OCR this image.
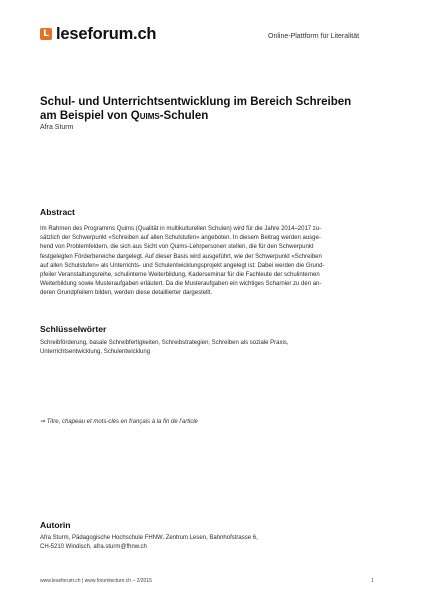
L leseforum.ch	Online-Plattform für Literalität
Schul- und Unterrichtsentwicklung im Bereich Schreiben
am Beispiel von Quims-Schulen
Afra Sturm
Abstract
Im Rahmen des Programms Quims (Qualität in multikulturellen Schulen) wird für die Jahre 2014–2017 zu-
sätzlich der Schwerpunkt «Schreiben auf allen Schulstufen» angeboten. In diesem Beitrag werden ausge-
hend von Problemfeldern, die sich aus Sicht von Quims-Lehrpersonen stellen, die für den Schwerpunkt
festgelegten Förderbereiche dargelegt. Auf dieser Basis wird ausgeführt, wie der Schwerpunkt «Schreiben
auf allen Schulstufen» als Unterrichts- und Schulentwicklungsprojekt angelegt ist: Dabei werden die Grund-
pfeiler Veranstaltungsreihe, schulinterne Weiterbildung, Kaderseminar für die Fachleute der schulinternen
Weiterbildung sowie Musteraufgaben erläutert. Da die Musteraufgaben ein wichtiges Scharnier zu den an-
deren Grundpfeilern bilden, werden diese detaillierter dargestellt.
Schlüsselwörter
Schreibförderung, basale Schreibfertigkeiten, Schreibstrategien, Schreiben als soziale Praxis,
Unterrichtsentwicklung, Schulentwicklung
⇒ Titre, chapeau et mots-clés en français à la fin de l'article
Autorin
Afra Sturm, Pädagogische Hochschule FHNW, Zentrum Lesen, Bahnhofstrasse 6,
CH-5210 Windisch, afra.sturm@fhnw.ch
www.leseforum.ch | www.forumlecture.ch – 2/2015	1
